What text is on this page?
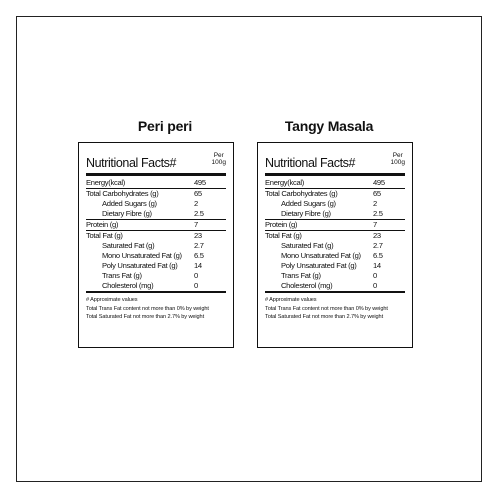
Peri peri
Nutritional Facts#
Per
100g
Energy(kcal)	495
Total Carbohydrates (g)	65
Added Sugars (g)	2
Dietary Fibre (g)	2.5
Protein (g)	7
Total Fat (g)	23
Saturated Fat (g)	2.7
Mono Unsaturated Fat (g)	6.5
Poly Unsaturated Fat (g)	14
Trans Fat (g)	0
Cholesterol (mg)	0
# Approximate values
Total Trans Fat content not more than 0% by weight
Total Saturated Fat not more than 2.7% by weight
Tangy Masala
Nutritional Facts#
Per
100g
Energy(kcal)	495
Total Carbohydrates (g)	65
Added Sugars (g)	2
Dietary Fibre (g)	2.5
Protein (g)	7
Total Fat (g)	23
Saturated Fat (g)	2.7
Mono Unsaturated Fat (g)	6.5
Poly Unsaturated Fat (g)	14
Trans Fat (g)	0
Cholesterol (mg)	0
# Approximate values
Total Trans Fat content not more than 0% by weight
Total Saturated Fat not more than 2.7% by weight
